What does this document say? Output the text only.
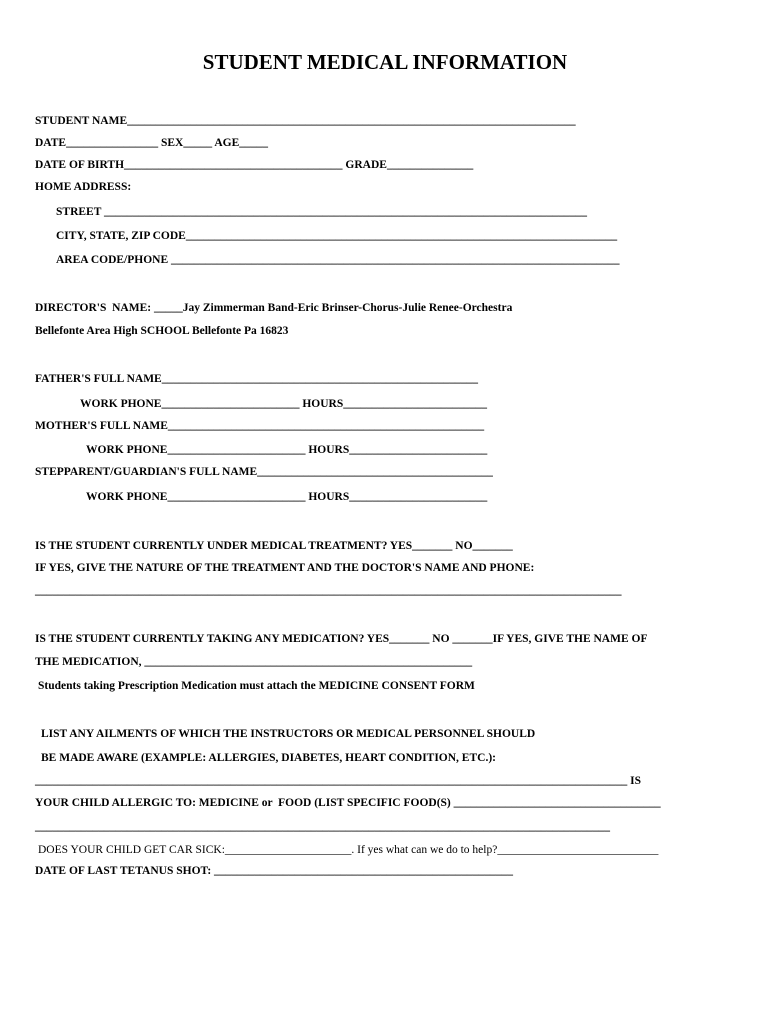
STUDENT MEDICAL INFORMATION
STUDENT NAME______________________________________________________________________________
DATE________________ SEX_____ AGE_____
DATE OF BIRTH______________________________________ GRADE_______________
HOME ADDRESS:
STREET ____________________________________________________________________________________
CITY, STATE, ZIP CODE___________________________________________________________________________
AREA CODE/PHONE ______________________________________________________________________________
DIRECTOR'S  NAME: _____Jay Zimmerman Band-Eric Brinser-Chorus-Julie Renee-Orchestra
Bellefonte Area High SCHOOL Bellefonte Pa 16823
FATHER'S FULL NAME_______________________________________________________
WORK PHONE________________________ HOURS_________________________
MOTHER'S FULL NAME_______________________________________________________
WORK PHONE________________________ HOURS________________________
STEPPARENT/GUARDIAN'S FULL NAME_________________________________________
WORK PHONE________________________ HOURS________________________
IS THE STUDENT CURRENTLY UNDER MEDICAL TREATMENT? YES_______ NO_______
IF YES, GIVE THE NATURE OF THE TREATMENT AND THE DOCTOR'S NAME AND PHONE:
______________________________________________________________________________________________________
IS THE STUDENT CURRENTLY TAKING ANY MEDICATION? YES_______ NO _______IF YES, GIVE THE NAME OF
THE MEDICATION, _________________________________________________________
Students taking Prescription Medication must attach the MEDICINE CONSENT FORM
LIST ANY AILMENTS OF WHICH THE INSTRUCTORS OR MEDICAL PERSONNEL SHOULD
BE MADE AWARE (EXAMPLE: ALLERGIES, DIABETES, HEART CONDITION, ETC.):
_______________________________________________________________________________________________________ IS
YOUR CHILD ALLERGIC TO: MEDICINE or  FOOD (LIST SPECIFIC FOOD(S) ____________________________________
____________________________________________________________________________________________________
DOES YOUR CHILD GET CAR SICK:______________________. If yes what can we do to help?____________________________
DATE OF LAST TETANUS SHOT: ____________________________________________________
